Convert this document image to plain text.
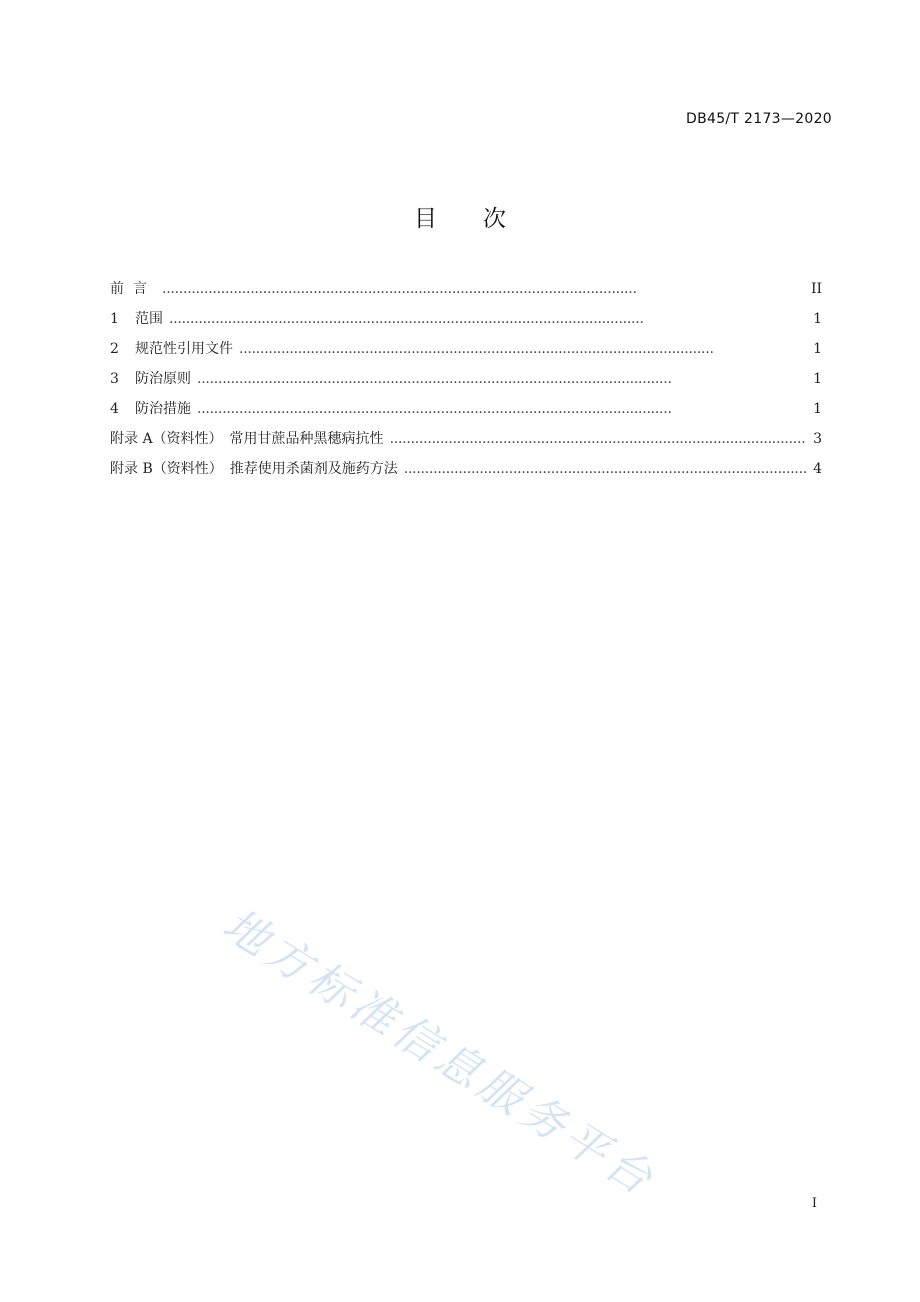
DB45/T 2173—2020
目次
前言 . . .	II
1	范围 . . .	1
2	规范性引用文件 . . .	1
3	防治原则 . . .	1
4	防治措施 . . .	1
附录 A（资料性）　常用甘蔗品种黑穗病抗性 . . .	3
附录 B（资料性）　推荐使用杀菌剂及施药方法 . . .	4
地方标准信息服务平台	I
